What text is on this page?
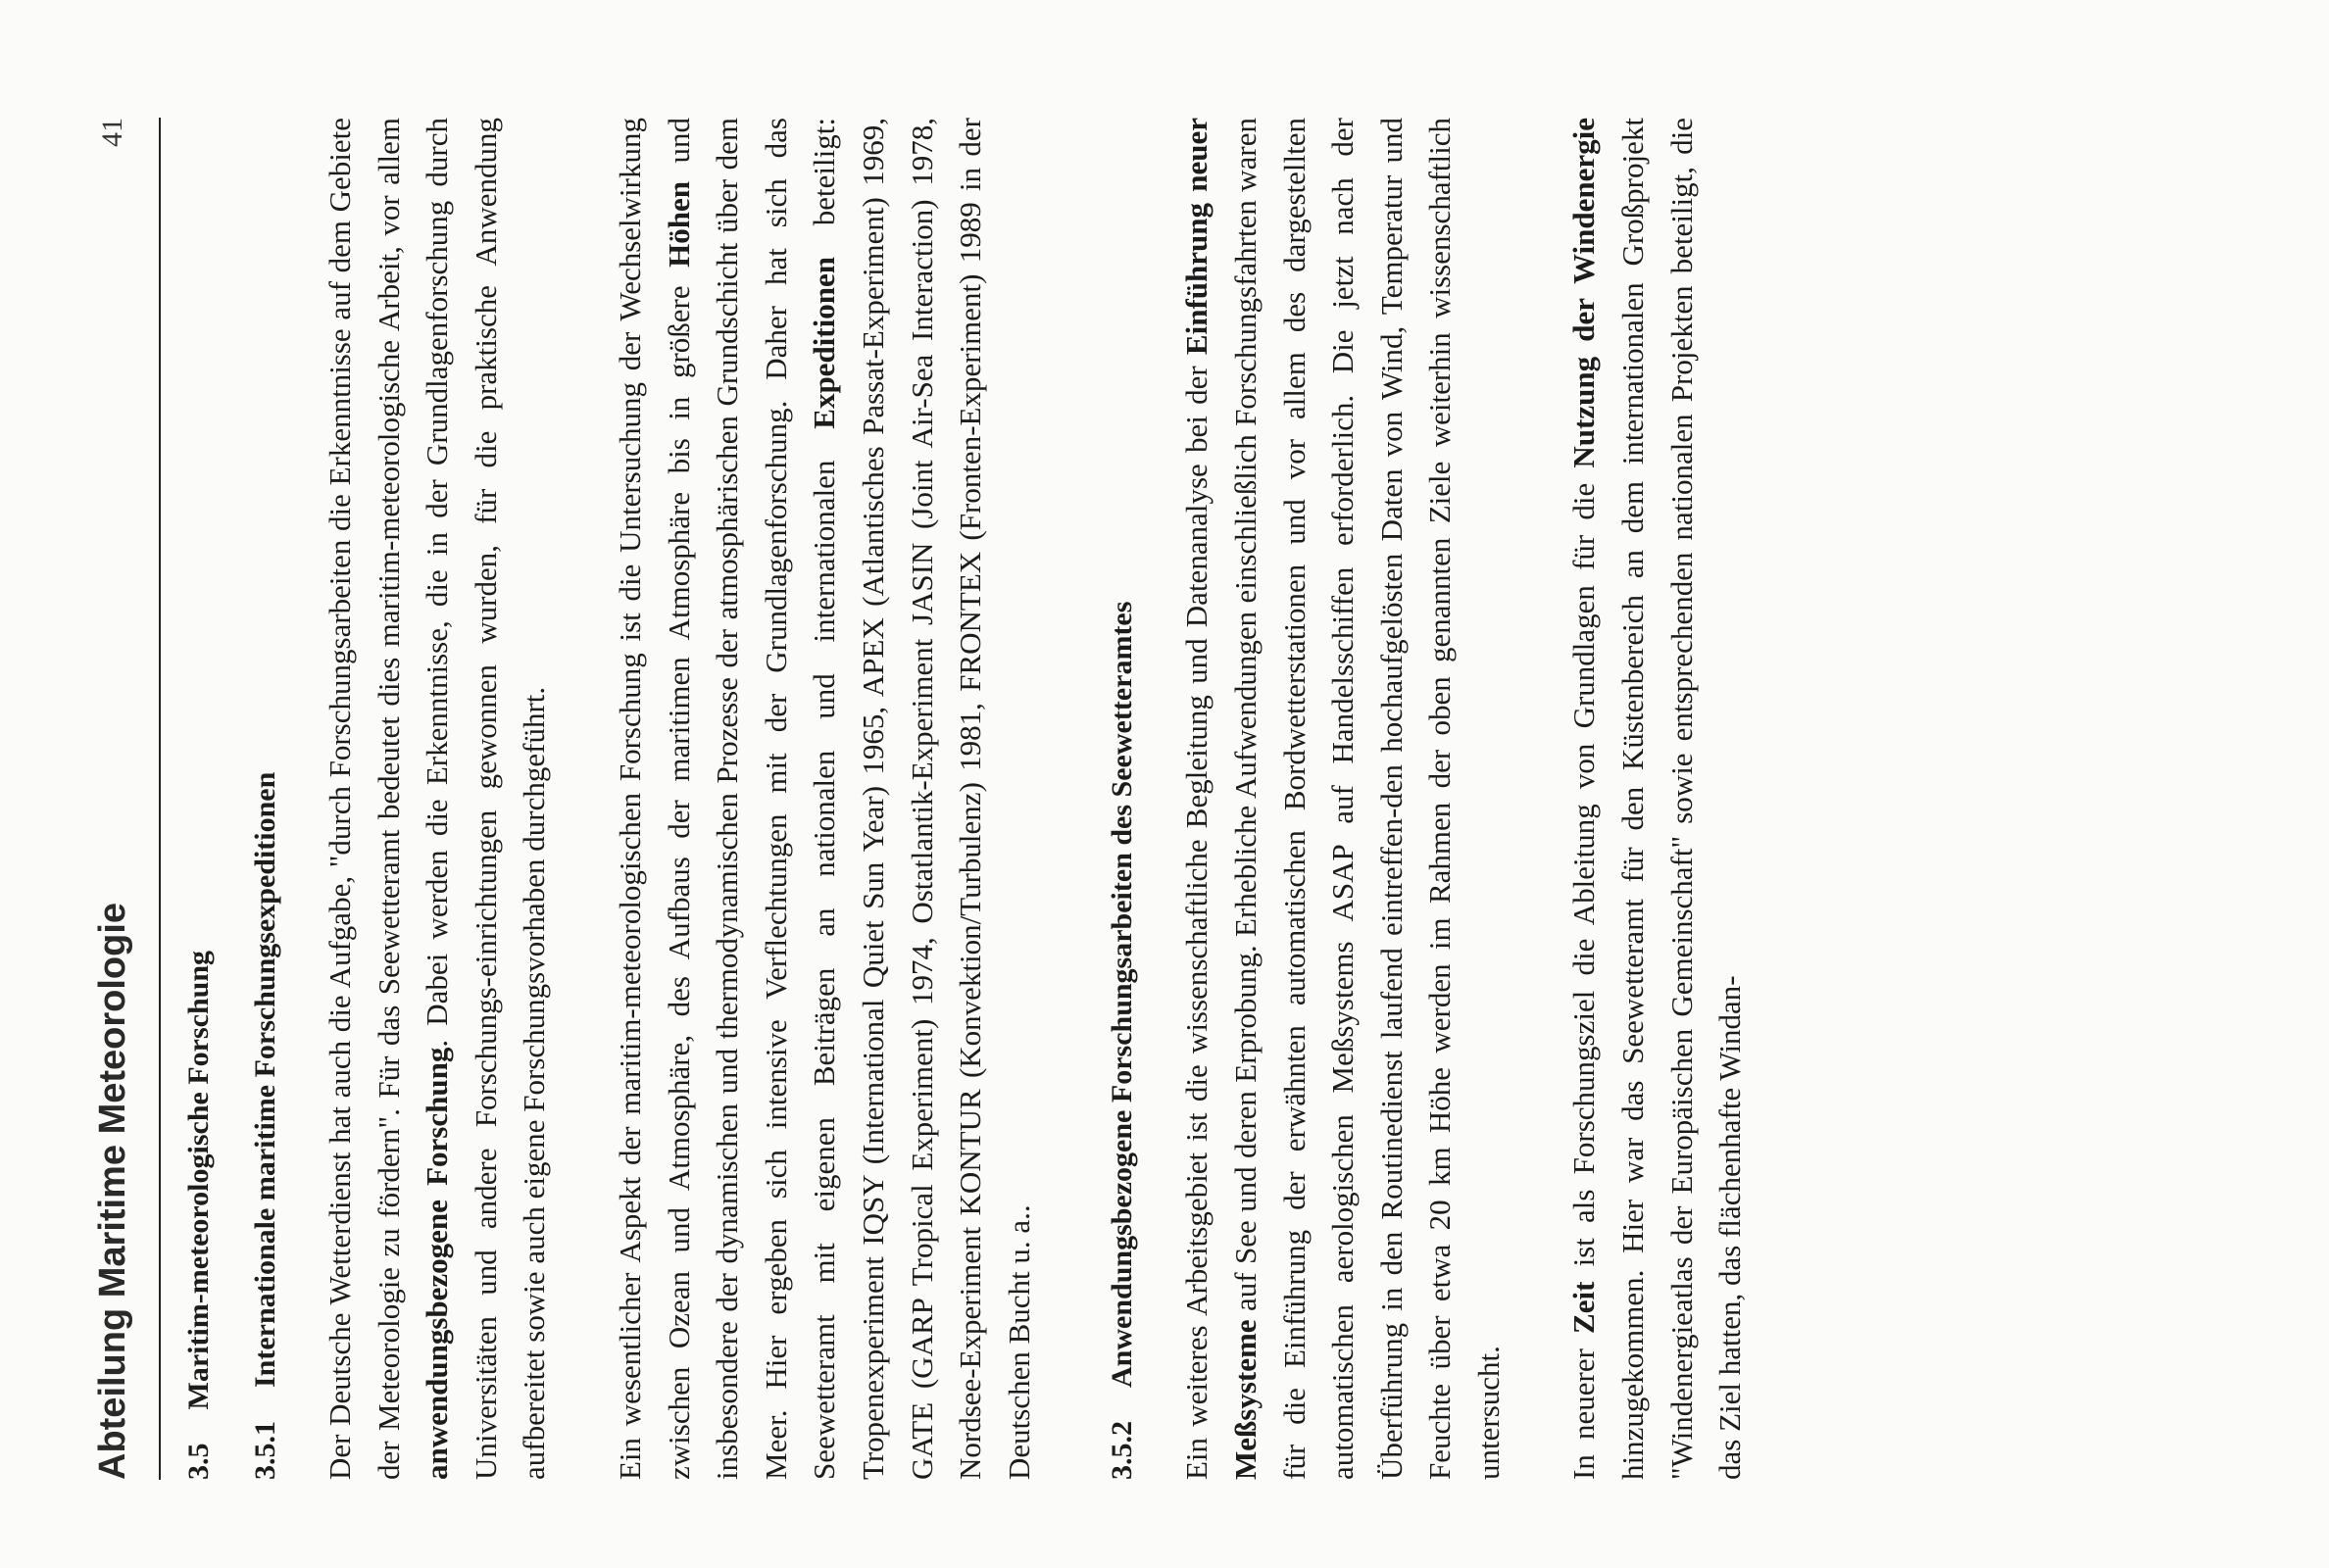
Abteilung Maritime Meteorologie
41
3.5
Maritim-meteorologische Forschung
3.5.1
Internationale maritime Forschungsexpeditionen Der Deutsche Wetterdienst hat auch die Aufgabe, "durch Forschungsarbeiten die Erkenntnisse auf dem Gebiete der Meteorologie zu fördern". Für das Seewetteramt bedeutet dies maritim-meteorologische Arbeit, vor allem anwendungsbezogene Forschung. Dabei werden die Erkenntnisse, die in der Grundlagenforschung durch Universitäten und andere Forschungs-einrichtungen gewonnen wurden, für die praktische Anwendung aufbereitet sowie auch eigene Forschungsvorhaben durchgeführt. Ein wesentlicher Aspekt der maritim-meteorologischen Forschung ist die Untersuchung der Wechselwirkung zwischen Ozean und Atmosphäre, des Aufbaus der maritimen Atmosphäre bis in größere Höhen und insbesondere der dynamischen und thermodynamischen Prozesse der atmosphärischen Grundschicht über dem Meer. Hier ergeben sich intensive Verflechtungen mit der Grundlagenforschung. Daher hat sich das Seewetteramt mit eigenen Beiträgen an nationalen und internationalen Expeditionen beteiligt: Tropenexperiment IQSY (International Quiet Sun Year) 1965, APEX (Atlantisches Passat-Experiment) 1969, GATE (GARP Tropical Experiment) 1974, Ostatlantik-Experiment JASIN (Joint Air-Sea Interaction) 1978, Nordsee-Experiment KONTUR (Konvektion/Turbulenz) 1981, FRONTEX (Fronten-Experiment) 1989 in der Deutschen Bucht u. a.. 3.5.2
Anwendungsbezogene Forschungsarbeiten des Seewetteramtes Ein weiteres Arbeitsgebiet ist die wissenschaftliche Begleitung und Datenanalyse bei der Einführung neuer Meßsysteme auf See und deren Erprobung. Erhebliche Aufwendungen einschließlich Forschungsfahrten waren für die Einführung der erwähnten automatischen Bordwetterstationen und vor allem des dargestellten automatischen aerologischen Meßsystems ASAP auf Handelsschiffen erforderlich. Die jetzt nach der Überführung in den Routinedienst laufend eintreffen-den hochaufgelösten Daten von Wind, Temperatur und Feuchte über etwa 20 km Höhe werden im Rahmen der oben genannten Ziele weiterhin wissenschaftlich untersucht. In neuerer Zeit ist als Forschungsziel die Ableitung von Grundlagen für die Nutzung der Windenergie hinzugekommen. Hier war das Seewetteramt für den Küstenbereich an dem internationalen Großprojekt "Windenergieatlas der Europäischen Gemeinschaft" sowie entsprechenden nationalen Projekten beteiligt, die das Ziel hatten, das flächenhafte Windan-
